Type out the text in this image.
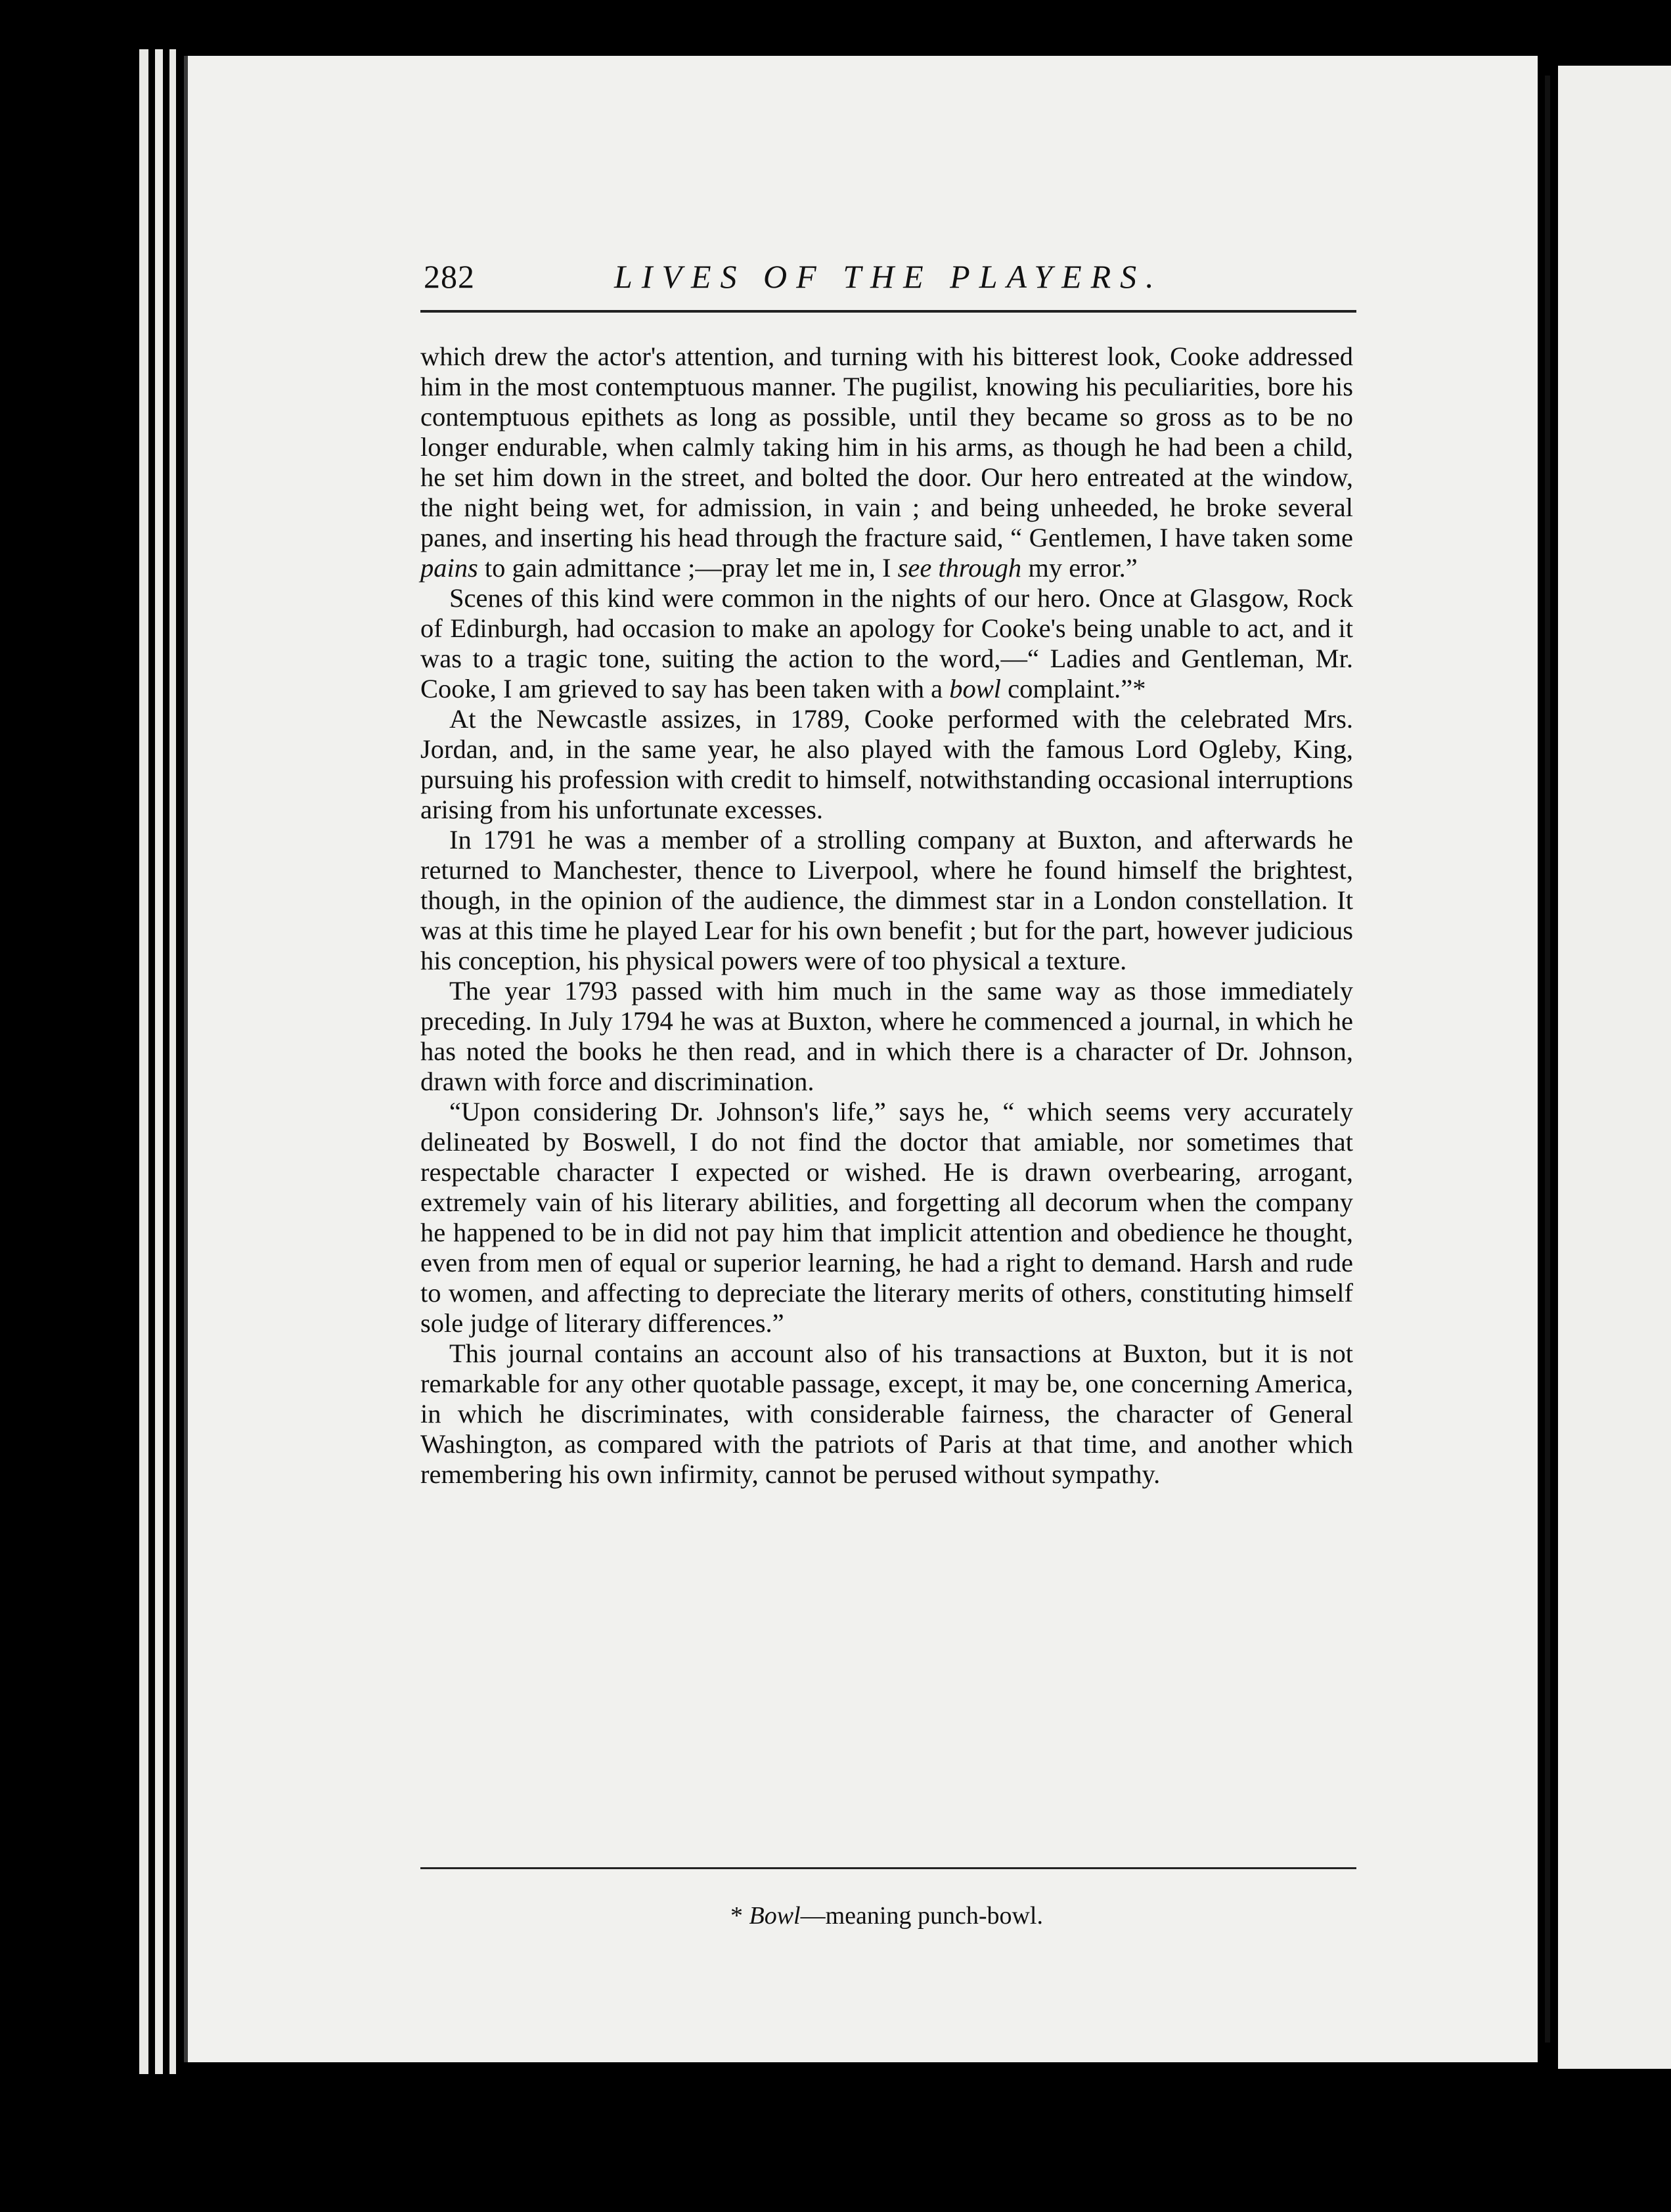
282	LIVES OF THE PLAYERS.

which drew the actor's attention, and turning with his bitterest look, Cooke addressed him in the most contemptuous manner. The pugilist, knowing his peculiarities, bore his contemptuous epithets as long as possible, until they became so gross as to be no longer endurable, when calmly taking him in his arms, as though he had been a child, he set him down in the street, and bolted the door. Our hero entreated at the window, the night being wet, for admission, in vain ; and being unheeded, he broke several panes, and inserting his head through the fracture said, “ Gentlemen, I have taken some pains to gain admittance ;—pray let me in, I see through my error.”

Scenes of this kind were common in the nights of our hero. Once at Glasgow, Rock of Edinburgh, had occasion to make an apology for Cooke's being unable to act, and it was to a tragic tone, suiting the action to the word,—“ Ladies and Gentleman, Mr. Cooke, I am grieved to say has been taken with a bowl complaint.”*

At the Newcastle assizes, in 1789, Cooke performed with the celebrated Mrs. Jordan, and, in the same year, he also played with the famous Lord Ogleby, King, pursuing his profession with credit to himself, notwithstanding occasional interruptions arising from his unfortunate excesses.

In 1791 he was a member of a strolling company at Buxton, and afterwards he returned to Manchester, thence to Liverpool, where he found himself the brightest, though, in the opinion of the audience, the dimmest star in a London constellation. It was at this time he played Lear for his own benefit ; but for the part, however judicious his conception, his physical powers were of too physical a texture.

The year 1793 passed with him much in the same way as those immediately preceding. In July 1794 he was at Buxton, where he commenced a journal, in which he has noted the books he then read, and in which there is a character of Dr. Johnson, drawn with force and discrimination.

“Upon considering Dr. Johnson's life,” says he, “ which seems very accurately delineated by Boswell, I do not find the doctor that amiable, nor sometimes that respectable character I expected or wished. He is drawn overbearing, arrogant, extremely vain of his literary abilities, and forgetting all decorum when the company he happened to be in did not pay him that implicit attention and obedience he thought, even from men of equal or superior learning, he had a right to demand. Harsh and rude to women, and affecting to depreciate the literary merits of others, constituting himself sole judge of literary differences.”

This journal contains an account also of his transactions at Buxton, but it is not remarkable for any other quotable passage, except, it may be, one concerning America, in which he discriminates, with considerable fairness, the character of General Washington, as compared with the patriots of Paris at that time, and another which remembering his own infirmity, cannot be perused without sympathy.

* Bowl—meaning punch-bowl.
